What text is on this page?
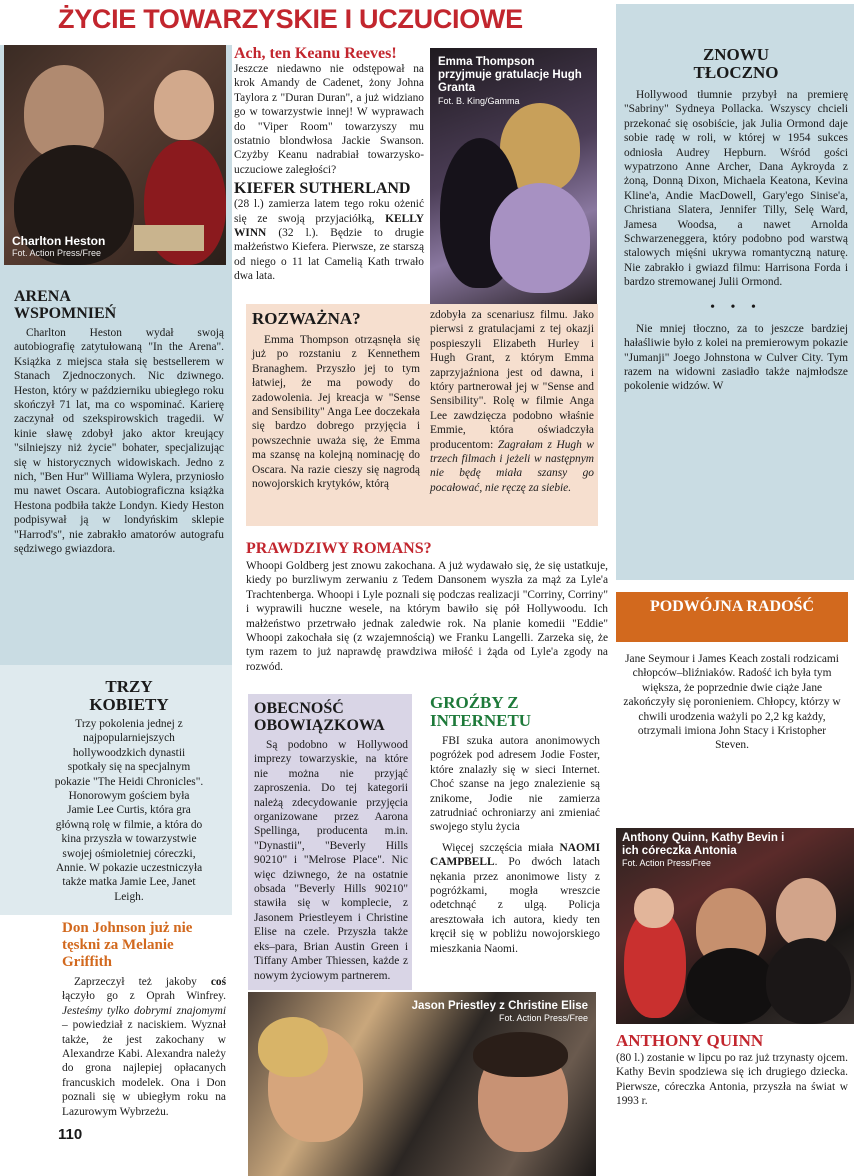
ŻYCIE TOWARZYSKIE I UCZUCIOWE
Charlton Heston
Fot. Action Press/Free
ARENA WSPOMNIEŃ

Charlton Heston wydał swoją autobiografię zatytułowaną "In the Arena". Książka z miejsca stała się bestsellerem w Stanach Zjednoczonych. Nic dziwnego. Heston, który w październiku ubiegłego roku skończył 71 lat, ma co wspominać. Karierę zaczynał od szekspirowskich tragedii. W kinie sławę zdobył jako aktor kreujący "silniejszy niż życie" bohater, specjalizując się w historycznych widowiskach. Jedno z nich, "Ben Hur" Williama Wylera, przyniosło mu nawet Oscara. Autobiograficzna książka Hestona podbiła także Londyn. Kiedy Heston podpisywał ją w londyńskim sklepie "Harrod's", nie zabrakło amatorów autografu sędziwego gwiazdora.

TRZY KOBIETY
Trzy pokolenia jednej z najpopularniejszych hollywoodzkich dynastii spotkały się na specjalnym pokazie "The Heidi Chronicles". Honorowym gościem była Jamie Lee Curtis, która gra główną rolę w filmie, a która do kina przyszła w towarzystwie swojej ośmioletniej córeczki, Annie. W pokazie uczestniczyła także matka Jamie Lee, Janet Leigh.
Don Johnson już nie tęskni za Melanie Griffith

Zaprzeczył też jakoby coś łączyło go z Oprah Winfrey. Jesteśmy tylko dobrymi znajomymi – powiedział z naciskiem. Wyznał także, że jest zakochany w Alexandrze Kabi. Alexandra należy do grona najlepiej opłacanych francuskich modelek. Ona i Don poznali się w ubiegłym roku na Lazurowym Wybrzeżu.

110
Ach, ten Keanu Reeves!
Jeszcze niedawno nie odstępował na krok Amandy de Cadenet, żony Johna Taylora z "Duran Duran", a już widziano go w towarzystwie innej! W wyprawach do "Viper Room" towarzyszy mu ostatnio blondwłosa Jackie Swanson. Czyżby Keanu nadrabiał towarzysko-uczuciowe zaległości?
KIEFER SUTHERLAND
(28 l.) zamierza latem tego roku ożenić się ze swoją przyjaciółką, KELLY WINN (32 l.). Będzie to drugie małżeństwo Kiefera. Pierwsze, ze starszą od niego o 11 lat Camelią Kath trwało dwa lata.
Emma Thompson przyjmuje gratulacje Hugh Granta
Fot. B. King/Gamma
ROZWAŻNA?

Emma Thompson otrząsnęła się już po rozstaniu z Kennethem Branaghem. Przyszło jej to tym łatwiej, że ma powody do zadowolenia. Jej kreacja w "Sense and Sensibility" Anga Lee doczekała się bardzo dobrego przyjęcia i powszechnie uważa się, że Emma ma szansę na kolejną nominację do Oscara. Na razie cieszy się nagrodą nowojorskich krytyków, którą

zdobyła za scenariusz filmu. Jako pierwsi z gratulacjami z tej okazji pospieszyli Elizabeth Hurley i Hugh Grant, z którym Emma zaprzyjaźniona jest od dawna, i który partnerował jej w "Sense and Sensibility". Rolę w filmie Anga Lee zawdzięcza podobno właśnie Emmie, która oświadczyła producentom: Zagrałam z Hugh w trzech filmach i jeżeli w następnym nie będę miała szansy go pocałować, nie ręczę za siebie.
PRAWDZIWY ROMANS?
Whoopi Goldberg jest znowu zakochana. A już wydawało się, że się ustatkuje, kiedy po burzliwym zerwaniu z Tedem Dansonem wyszła za mąż za Lyle'a Trachtenberga. Whoopi i Lyle poznali się podczas realizacji "Corriny, Corriny" i wyprawili huczne wesele, na którym bawiło się pół Hollywoodu. Ich małżeństwo przetrwało jednak zaledwie rok. Na planie komedii "Eddie" Whoopi zakochała się (z wzajemnością) we Franku Langelli. Zarzeka się, że tym razem to już naprawdę prawdziwa miłość i żąda od Lyle'a zgody na rozwód.
OBECNOŚĆ OBOWIĄZKOWA

Są podobno w Hollywood imprezy towarzyskie, na które nie można nie przyjąć zaproszenia. Do tej kategorii należą zdecydowanie przyjęcia organizowane przez Aarona Spellinga, producenta m.in. "Dynastii", "Beverly Hills 90210" i "Melrose Place". Nic więc dziwnego, że na ostatnie obsada "Beverly Hills 90210" stawiła się w komplecie, z Jasonem Priestleyem i Christine Elise na czele. Przyszła także eks–para, Brian Austin Green i Tiffany Amber Thiessen, każde z nowym życiowym partnerem.

GROŹBY Z INTERNETU

FBI szuka autora anonimowych pogróżek pod adresem Jodie Foster, które znalazły się w sieci Internet. Choć szanse na jego znalezienie są znikome, Jodie nie zamierza zatrudniać ochroniarzy ani zmieniać swojego stylu życia

Więcej szczęścia miała NAOMI CAMPBELL. Po dwóch latach nękania przez anonimowe listy z pogróżkami, mogła wreszcie odetchnąć z ulgą. Policja aresztowała ich autora, kiedy ten kręcił się w pobliżu nowojorskiego mieszkania Naomi.

Jason Priestley z Christine Elise
Fot. Action Press/Free
ZNOWU TŁOCZNO

Hollywood tłumnie przybył na premierę "Sabriny" Sydneya Pollacka. Wszyscy chcieli przekonać się osobiście, jak Julia Ormond daje sobie radę w roli, w której w 1954 sukces odniosła Audrey Hepburn. Wśród gości wypatrzono Anne Archer, Dana Aykroyda z żoną, Donną Dixon, Michaela Keatona, Kevina Kline'a, Andie MacDowell, Gary'ego Sinise'a, Christiana Slatera, Jennifer Tilly, Selę Ward, Jamesa Woodsa, a nawet Arnolda Schwarzeneggera, który podobno pod warstwą stalowych mięśni ukrywa romantyczną naturę. Nie zabrakło i gwiazd filmu: Harrisona Forda i bardzo stremowanej Julii Ormond.

• • •

Nie mniej tłoczno, za to jeszcze bardziej hałaśliwie było z kolei na premierowym pokazie "Jumanji" Joego Johnstona w Culver City. Tym razem na widowni zasiadło także najmłodsze pokolenie widzów. W

PODWÓJNA RADOŚĆ
Jane Seymour i James Keach zostali rodzicami chłopców–bliźniaków. Radość ich była tym większa, że poprzednie dwie ciąże Jane zakończyły się poronieniem. Chłopcy, którzy w chwili urodzenia ważyli po 2,2 kg każdy, otrzymali imiona John Stacy i Kristopher Steven.
Anthony Quinn, Kathy Bevin i ich córeczka Antonia
Fot. Action Press/Free
ANTHONY QUINN
(80 l.) zostanie w lipcu po raz już trzynasty ojcem. Kathy Bevin spodziewa się ich drugiego dziecka. Pierwsze, córeczka Antonia, przyszła na świat w 1993 r.
